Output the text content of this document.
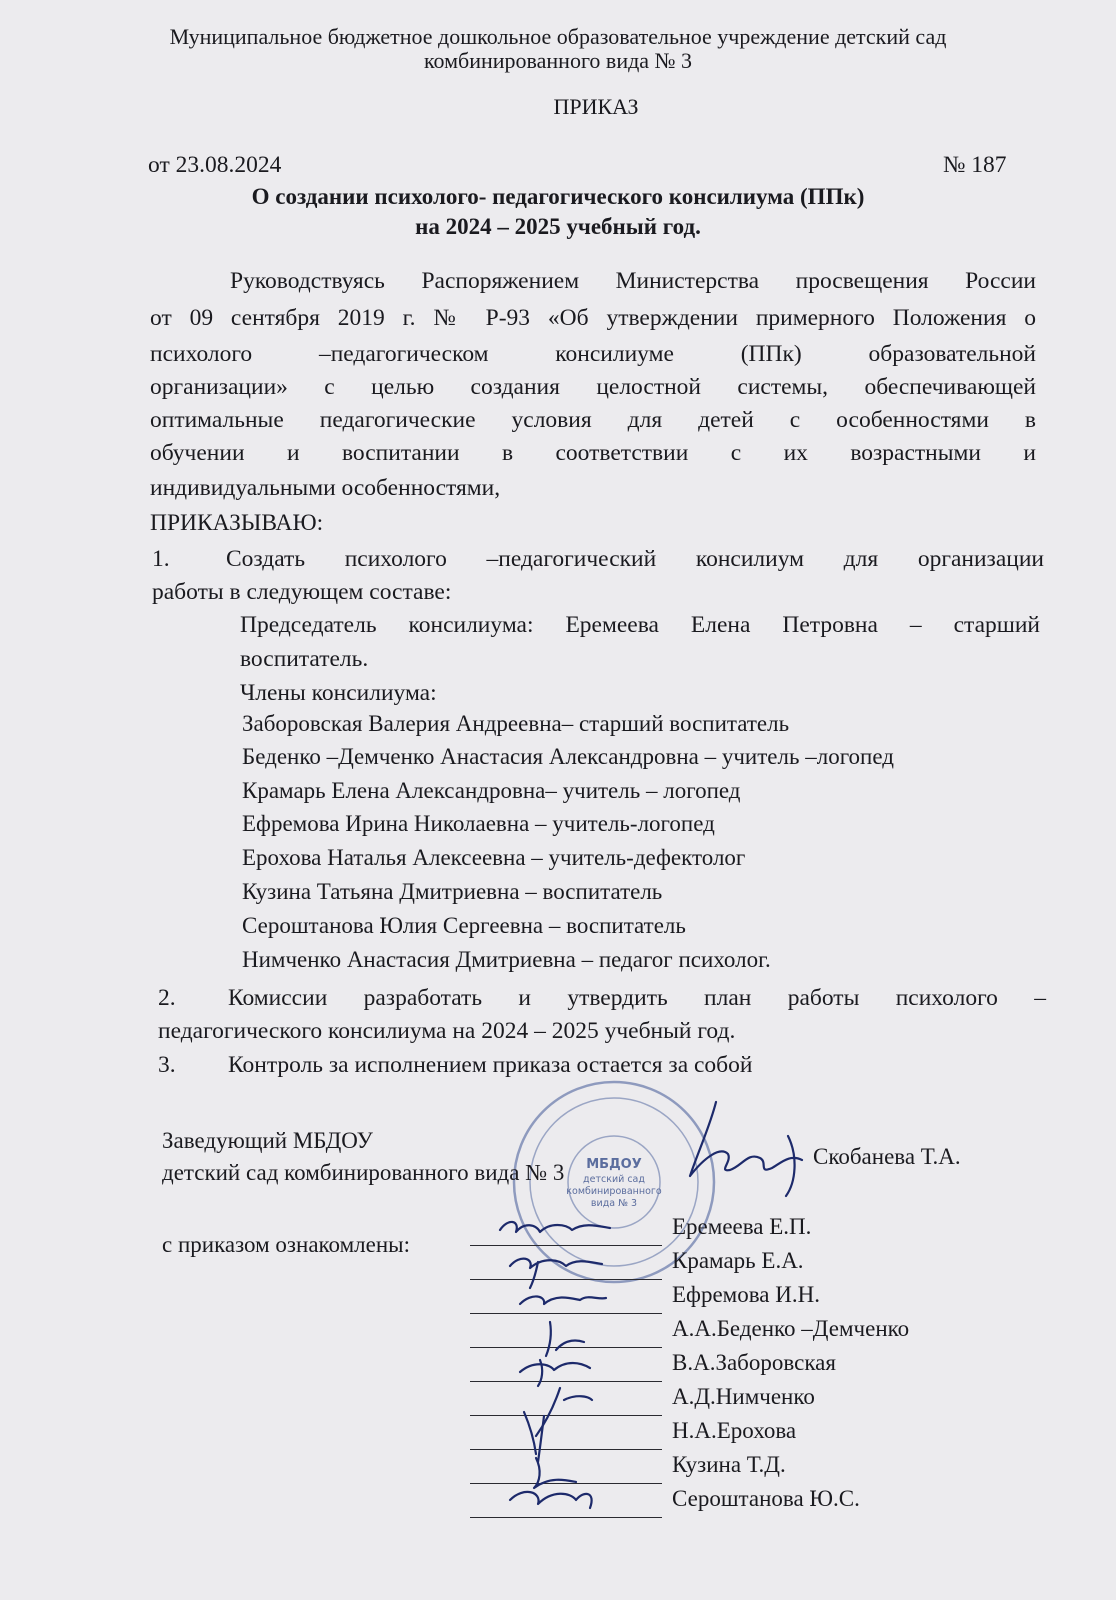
Муниципальное бюджетное дошкольное образовательное учреждение детский сад
комбинированного вида № 3
ПРИКАЗ
от 23.08.2024	№ 187
О создании психолого- педагогического консилиума (ППк)
на 2024 – 2025 учебный год.
Руководствуясь Распоряжением Министерства просвещения России
от 09 сентября 2019 г. № Р-93 «Об утверждении примерного Положения о
психолого –педагогическом консилиуме (ППк) образовательной
организации» с целью создания целостной системы, обеспечивающей
оптимальные педагогические условия для детей с особенностями в
обучении и воспитании в соответствии с их возрастными и
индивидуальными особенностями,
ПРИКАЗЫВАЮ:
1. Создать психолого –педагогический консилиум для организации
работы в следующем составе:
Председатель консилиума: Еремеева Елена Петровна – старший
воспитатель.
Члены консилиума:
Заборовская Валерия Андреевна– старший воспитатель
Беденко –Демченко Анастасия Александровна – учитель –логопед
Крамарь Елена Александровна– учитель – логопед
Ефремова Ирина Николаевна – учитель-логопед
Ерохова Наталья Алексеевна – учитель-дефектолог
Кузина Татьяна Дмитриевна – воспитатель
Сероштанова Юлия Сергеевна – воспитатель
Нимченко Анастасия Дмитриевна – педагог психолог.
2. Комиссии разработать и утвердить план работы психолого –
педагогического консилиума на 2024 – 2025 учебный год.
3. Контроль за исполнением приказа остается за собой
МБДОУ
детский сад
комбинированного
вида № 3
Заведующий МБДОУ
детский сад комбинированного вида № 3
Скобанева Т.А.
с приказом ознакомлены:
Еремеева Е.П.
Крамарь Е.А.
Ефремова И.Н.
А.А.Беденко –Демченко
В.А.Заборовская
А.Д.Нимченко
Н.А.Ерохова
Кузина Т.Д.
Сероштанова Ю.С.
